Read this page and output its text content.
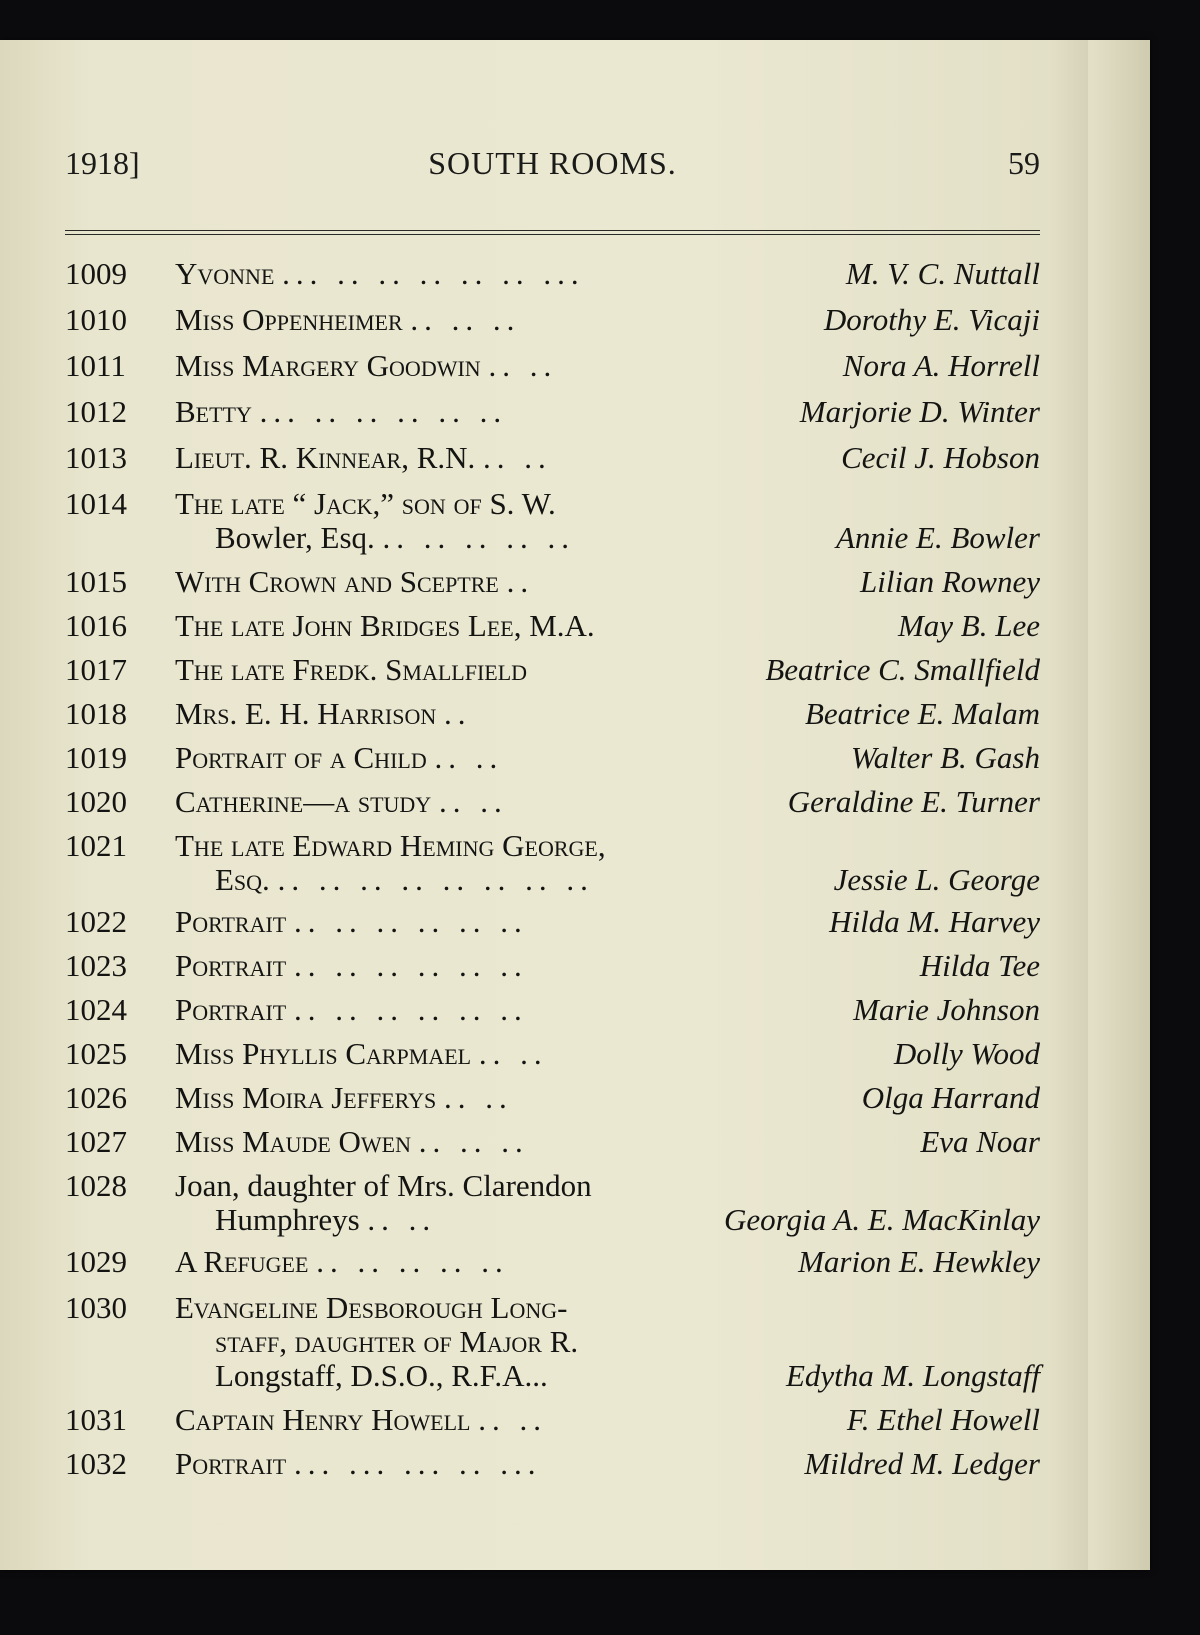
1918]	SOUTH ROOMS.	59
1009 Yvonne ... .. .. .. .. .. ...	M. V. C. Nuttall
1010 Miss Oppenheimer .. .. ..	Dorothy E. Vicaji
1011 Miss Margery Goodwin .. ..	Nora A. Horrell
1012 Betty ... .. .. .. .. ..	Marjorie D. Winter
1013 Lieut. R. Kinnear, R.N. .. ..	Cecil J. Hobson
1014 The late “ Jack,” son of S. W.
Bowler, Esq. .. .. .. .. ..	Annie E. Bowler
1015 With Crown and Sceptre ..	Lilian Rowney
1016 The late John Bridges Lee, M.A.	May B. Lee
1017 The late Fredk. Smallfield	Beatrice C. Smallfield
1018 Mrs. E. H. Harrison ..	Beatrice E. Malam
1019 Portrait of a Child .. ..	Walter B. Gash
1020 Catherine—a study .. ..	Geraldine E. Turner
1021 The late Edward Heming George,
Esq. .. .. .. .. .. .. .. ..	Jessie L. George
1022 Portrait .. .. .. .. .. ..	Hilda M. Harvey
1023 Portrait .. .. .. .. .. ..	Hilda Tee
1024 Portrait .. .. .. .. .. ..	Marie Johnson
1025 Miss Phyllis Carpmael .. ..	Dolly Wood
1026 Miss Moira Jefferys .. ..	Olga Harrand
1027 Miss Maude Owen .. .. ..	Eva Noar
1028 Joan, daughter of Mrs. Clarendon
Humphreys .. ..	Georgia A. E. MacKinlay
1029 A Refugee .. .. .. .. ..	Marion E. Hewkley
1030 Evangeline Desborough Long-
staff, daughter of Major R.
Longstaff, D.S.O., R.F.A...	Edytha M. Longstaff
1031 Captain Henry Howell .. ..	F. Ethel Howell
1032 Portrait ... ... ... .. ...	Mildred M. Ledger
